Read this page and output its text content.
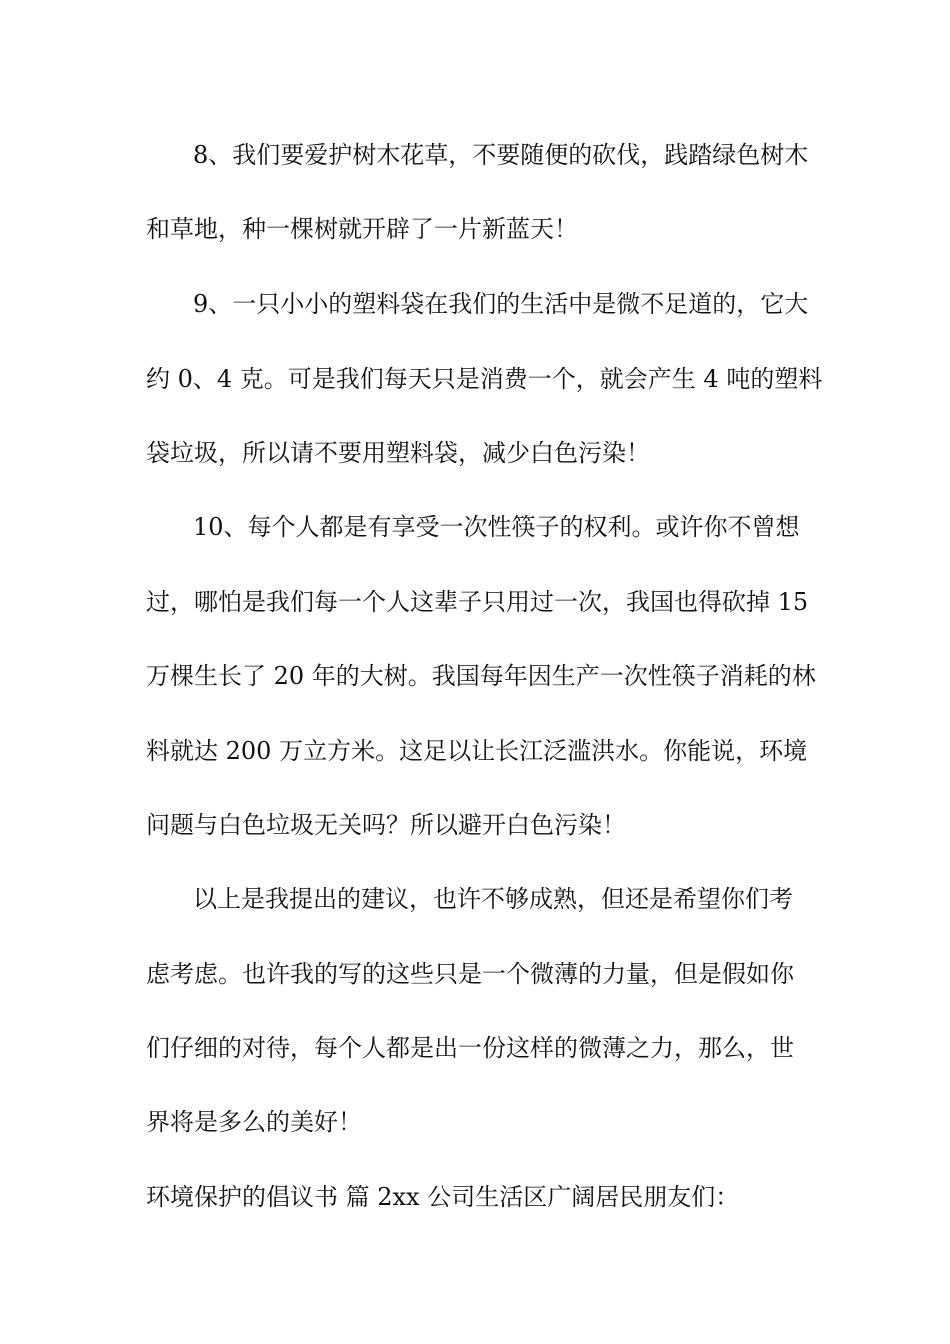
8、我们要爱护树木花草，不要随便的砍伐，践踏绿色树木
和草地，种一棵树就开辟了一片新蓝天！
9、一只小小的塑料袋在我们的生活中是微不足道的，它大
约 0、4 克。可是我们每天只是消费一个，就会产生 4 吨的塑料
袋垃圾，所以请不要用塑料袋，减少白色污染！
10、每个人都是有享受一次性筷子的权利。或许你不曾想
过，哪怕是我们每一个人这辈子只用过一次，我国也得砍掉 15
万棵生长了 20 年的大树。我国每年因生产一次性筷子消耗的林
料就达 200 万立方米。这足以让长江泛滥洪水。你能说，环境
问题与白色垃圾无关吗？所以避开白色污染！
以上是我提出的建议，也许不够成熟，但还是希望你们考
虑考虑。也许我的写的这些只是一个微薄的力量，但是假如你
们仔细的对待，每个人都是出一份这样的微薄之力，那么，世
界将是多么的美好！
环境保护的倡议书 篇 2xx 公司生活区广阔居民朋友们：
